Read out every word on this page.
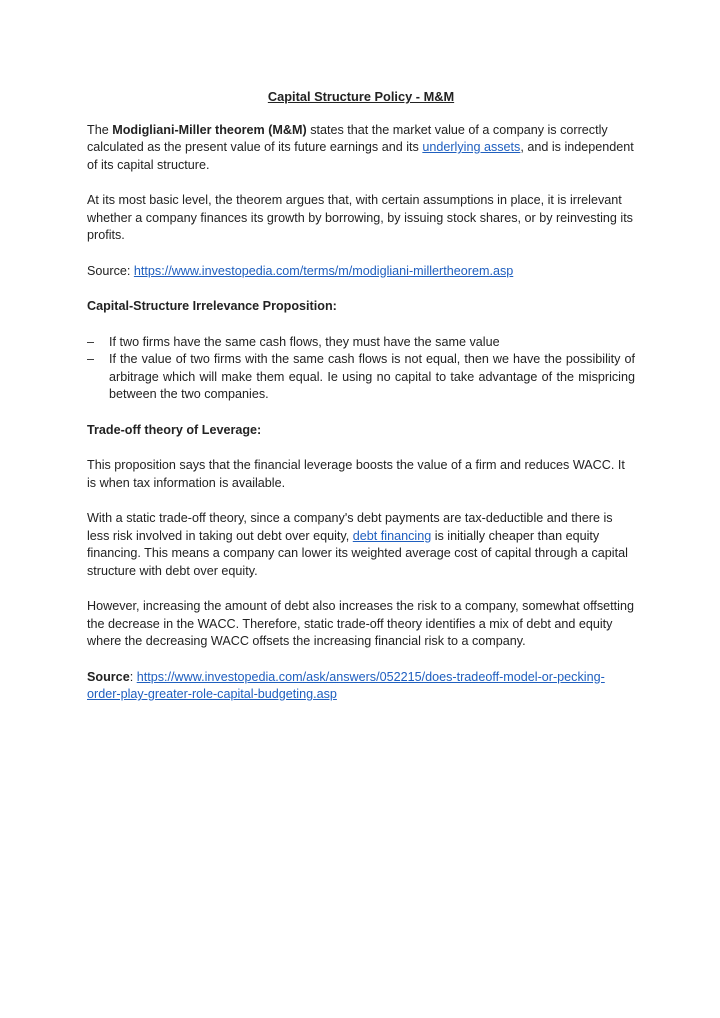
Capital Structure Policy - M&M

The Modigliani-Miller theorem (M&M) states that the market value of a company is correctly calculated as the present value of its future earnings and its underlying assets, and is independent of its capital structure.

At its most basic level, the theorem argues that, with certain assumptions in place, it is irrelevant whether a company finances its growth by borrowing, by issuing stock shares, or by reinvesting its profits.

Source: https://www.investopedia.com/terms/m/modigliani-millertheorem.asp

Capital-Structure Irrelevance Proposition:
– If two firms have the same cash flows, they must have the same value
– If the value of two firms with the same cash flows is not equal, then we have the possibility of arbitrage which will make them equal. Ie using no capital to take advantage of the mispricing between the two companies.
Trade-off theory of Leverage:

This proposition says that the financial leverage boosts the value of a firm and reduces WACC. It is when tax information is available.

With a static trade-off theory, since a company's debt payments are tax-deductible and there is less risk involved in taking out debt over equity, debt financing is initially cheaper than equity financing. This means a company can lower its weighted average cost of capital through a capital structure with debt over equity.

However, increasing the amount of debt also increases the risk to a company, somewhat offsetting the decrease in the WACC. Therefore, static trade-off theory identifies a mix of debt and equity where the decreasing WACC offsets the increasing financial risk to a company.

Source: https://www.investopedia.com/ask/answers/052215/does-tradeoff-model-or-pecking-order-play-greater-role-capital-budgeting.asp
